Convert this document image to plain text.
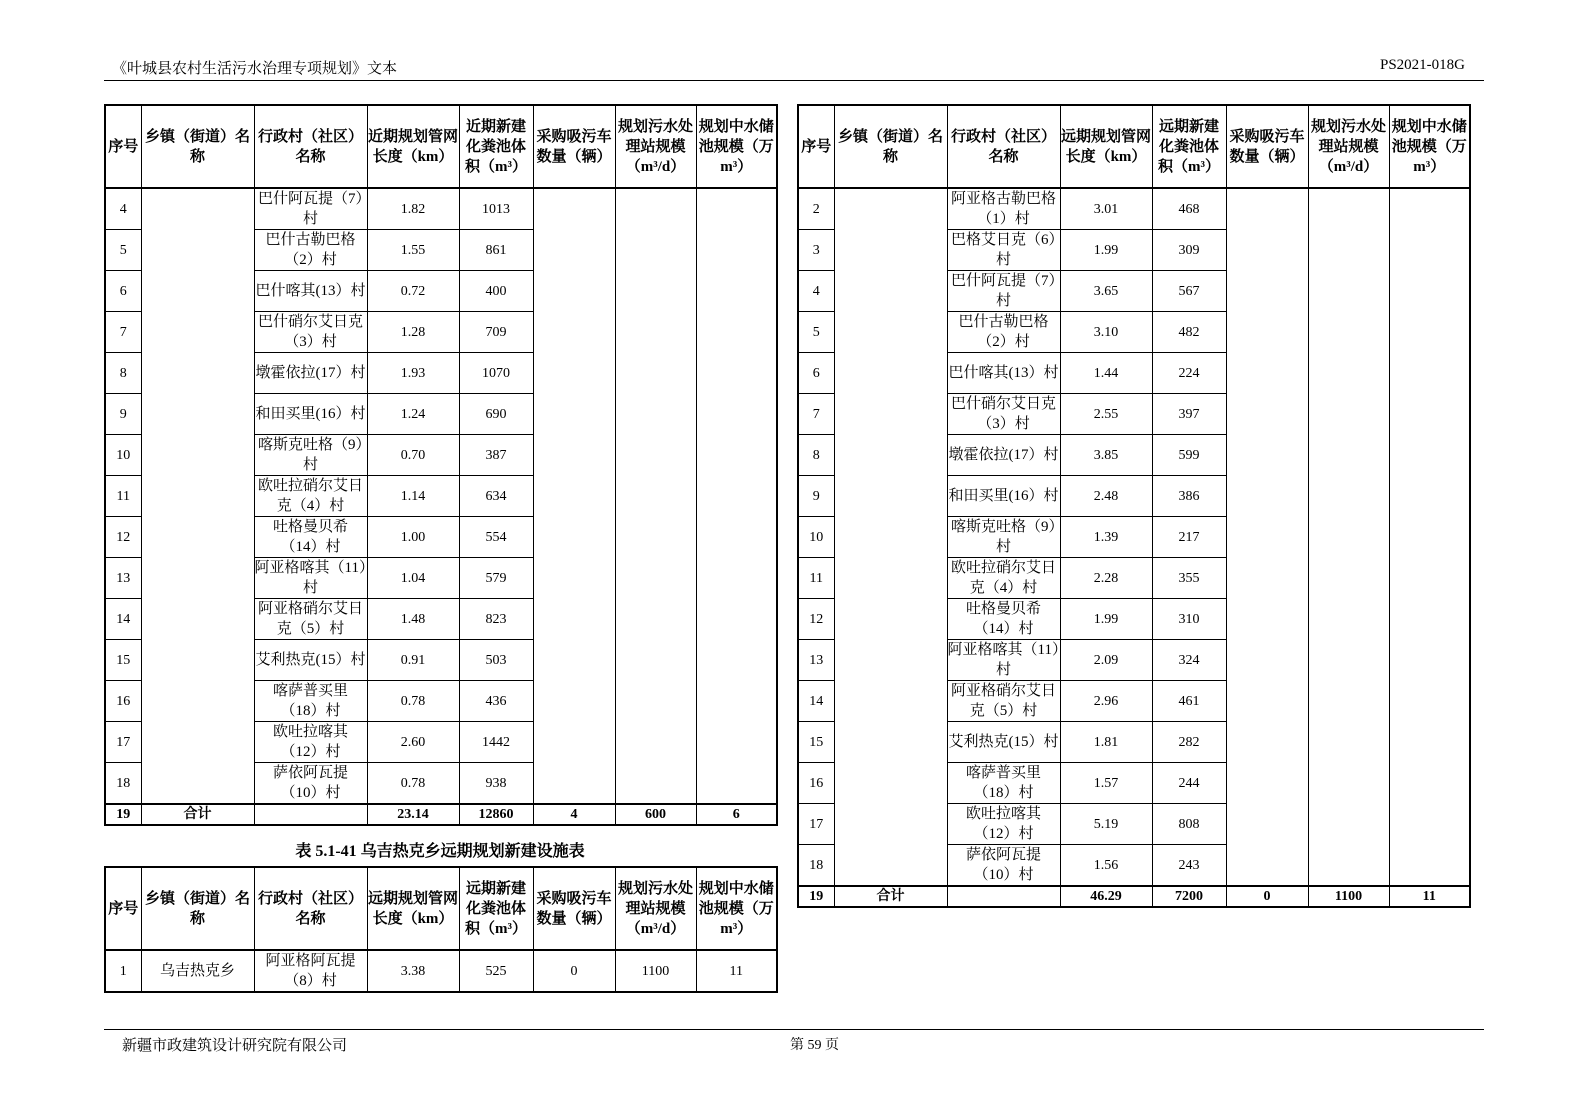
《叶城县农村生活污水治理专项规划》文本	PS2021-018G
序号	乡镇（街道）名称	行政村（社区）名称	近期规划管网长度（km）	近期新建化粪池体积（m³）	采购吸污车数量（辆）	规划污水处理站规模（m³/d）	规划中水储池规模（万 m³）
4		巴什阿瓦提（7）村	1.82	1013			
5		巴什古勒巴格（2）村	1.55	861			
6		巴什喀其(13）村	0.72	400			
7		巴什硝尔艾日克（3）村	1.28	709			
8		墩霍依拉(17）村	1.93	1070			
9		和田买里(16）村	1.24	690			
10		喀斯克吐格（9）村	0.70	387			
11		欧吐拉硝尔艾日克（4）村	1.14	634			
12		吐格曼贝希（14）村	1.00	554			
13		阿亚格喀其（11）村	1.04	579			
14		阿亚格硝尔艾日克（5）村	1.48	823			
15		艾利热克(15）村	0.91	503			
16		喀萨普买里（18）村	0.78	436			
17		欧吐拉喀其（12）村	2.60	1442			
18		萨依阿瓦提（10）村	0.78	938			
19	合计		23.14	12860	4	600	6
表 5.1-41 乌吉热克乡远期规划新建设施表
序号	乡镇（街道）名称	行政村（社区）名称	远期规划管网长度（km）	远期新建化粪池体积（m³）	采购吸污车数量（辆）	规划污水处理站规模（m³/d）	规划中水储池规模（万 m³）
1	乌吉热克乡	阿亚格阿瓦提（8）村	3.38	525	0	1100	11
序号	乡镇（街道）名称	行政村（社区）名称	远期规划管网长度（km）	远期新建化粪池体积（m³）	采购吸污车数量（辆）	规划污水处理站规模（m³/d）	规划中水储池规模（万 m³）
2		阿亚格古勒巴格（1）村	3.01	468			
3		巴格艾日克（6）村	1.99	309			
4		巴什阿瓦提（7）村	3.65	567			
5		巴什古勒巴格（2）村	3.10	482			
6		巴什喀其(13）村	1.44	224			
7		巴什硝尔艾日克（3）村	2.55	397			
8		墩霍依拉(17）村	3.85	599			
9		和田买里(16）村	2.48	386			
10		喀斯克吐格（9）村	1.39	217			
11		欧吐拉硝尔艾日克（4）村	2.28	355			
12		吐格曼贝希（14）村	1.99	310			
13		阿亚格喀其（11）村	2.09	324			
14		阿亚格硝尔艾日克（5）村	2.96	461			
15		艾利热克(15）村	1.81	282			
16		喀萨普买里（18）村	1.57	244			
17		欧吐拉喀其（12）村	5.19	808			
18		萨依阿瓦提（10）村	1.56	243			
19	合计		46.29	7200	0	1100	11
新疆市政建筑设计研究院有限公司	第 59 页
